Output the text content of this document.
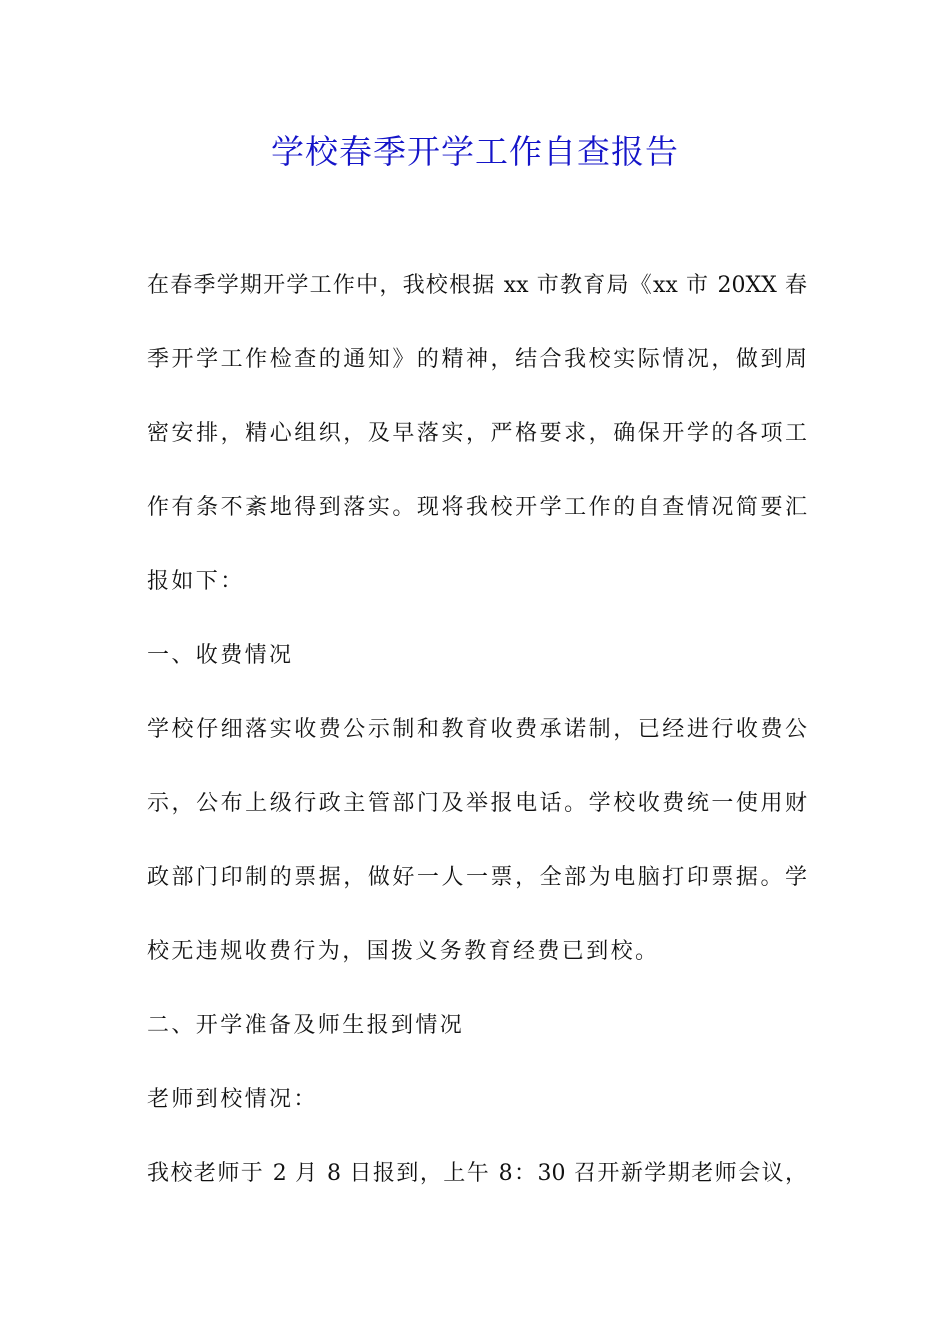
学校春季开学工作自查报告
在春季学期开学工作中，我校根据 xx 市教育局《xx 市 20XX 春
季开学工作检查的通知》的精神，结合我校实际情况，做到周
密安排，精心组织，及早落实，严格要求，确保开学的各项工
作有条不紊地得到落实。现将我校开学工作的自查情况简要汇
报如下：
一、收费情况
学校仔细落实收费公示制和教育收费承诺制，已经进行收费公
示，公布上级行政主管部门及举报电话。学校收费统一使用财
政部门印制的票据，做好一人一票，全部为电脑打印票据。学
校无违规收费行为，国拨义务教育经费已到校。
二、开学准备及师生报到情况
老师到校情况：
我校老师于 2 月 8 日报到，上午 8：30 召开新学期老师会议，
